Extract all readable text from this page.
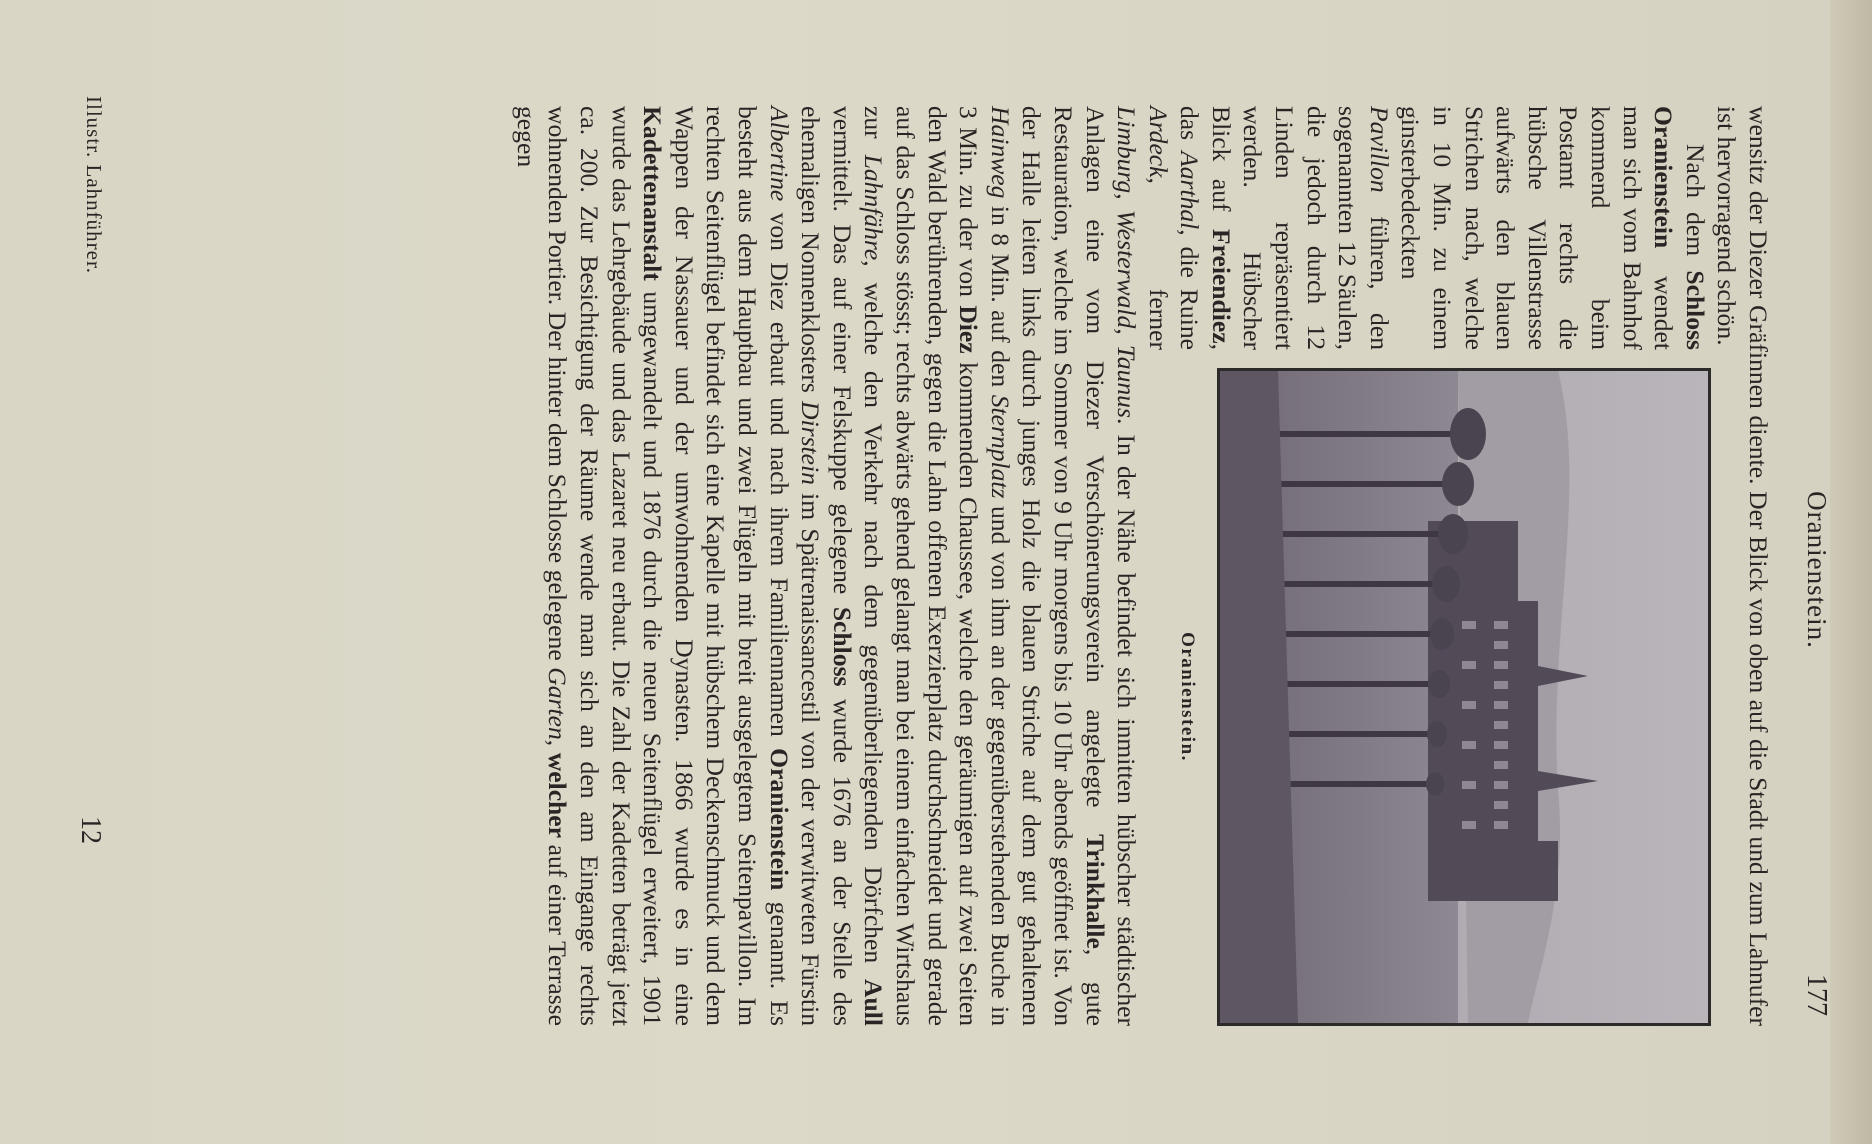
Oranienstein.
177

wensitz der Diezer Gräfinnen diente. Der Blick von oben auf die Stadt und zum Lahnufer ist hervorragend schön.

Oranienstein.

Nach dem Schloss Oranienstein wendet man sich vom Bahnhof kommend beim Postamt rechts die hübsche Villenstrasse aufwärts den blauen Strichen nach, welche in 10 Min. zu einem ginsterbedeckten Pavillon führen, den sogenannten 12 Säulen, die jedoch durch 12 Linden repräsentiert werden. Hübscher Blick auf Freiendiez, das Aarthal, die Ruine Ardeck, ferner Limburg, Westerwald, Taunus. In der Nähe befindet sich inmitten hübscher städtischer Anlagen eine vom Diezer Verschönerungsverein angelegte Trinkhalle, gute Restauration, welche im Sommer von 9 Uhr morgens bis 10 Uhr abends geöffnet ist. Von der Halle leiten links durch junges Holz die blauen Striche auf dem gut gehaltenen Hainweg in 8 Min. auf den Sternplatz und von ihm an der gegenüberstehenden Buche in 3 Min. zu der von Diez kommenden Chaussee, welche den geräumigen auf zwei Seiten den Wald berührenden, gegen die Lahn offenen Exerzierplatz durchschneidet und gerade auf das Schloss stösst; rechts abwärts gehend gelangt man bei einem einfachen Wirtshaus zur Lahnfähre, welche den Verkehr nach dem gegenüberliegenden Dörfchen Aull vermittelt. Das auf einer Felskuppe gelegene Schloss wurde 1676 an der Stelle des ehemaligen Nonnenklosters Dirstein im Spätrenaissancestil von der verwitweten Fürstin Albertine von Diez erbaut und nach ihrem Familiennamen Oranienstein genannt. Es besteht aus dem Hauptbau und zwei Flügeln mit breit ausgelegtem Seitenpavillon. Im rechten Seitenflügel befindet sich eine Kapelle mit hübschem Deckenschmuck und dem Wappen der Nassauer und der umwohnenden Dynasten. 1866 wurde es in eine Kadettenanstalt umgewandelt und 1876 durch die neuen Seitenflügel erweitert, 1901 wurde das Lehrgebäude und das Lazaret neu erbaut. Die Zahl der Kadetten beträgt jetzt ca. 200. Zur Besichtigung der Räume wende man sich an den am Eingange rechts wohnenden Portier. Der hinter dem Schlosse gelegene Garten, welcher auf einer Terrasse gegen

Illustr. Lahnführer.
12
